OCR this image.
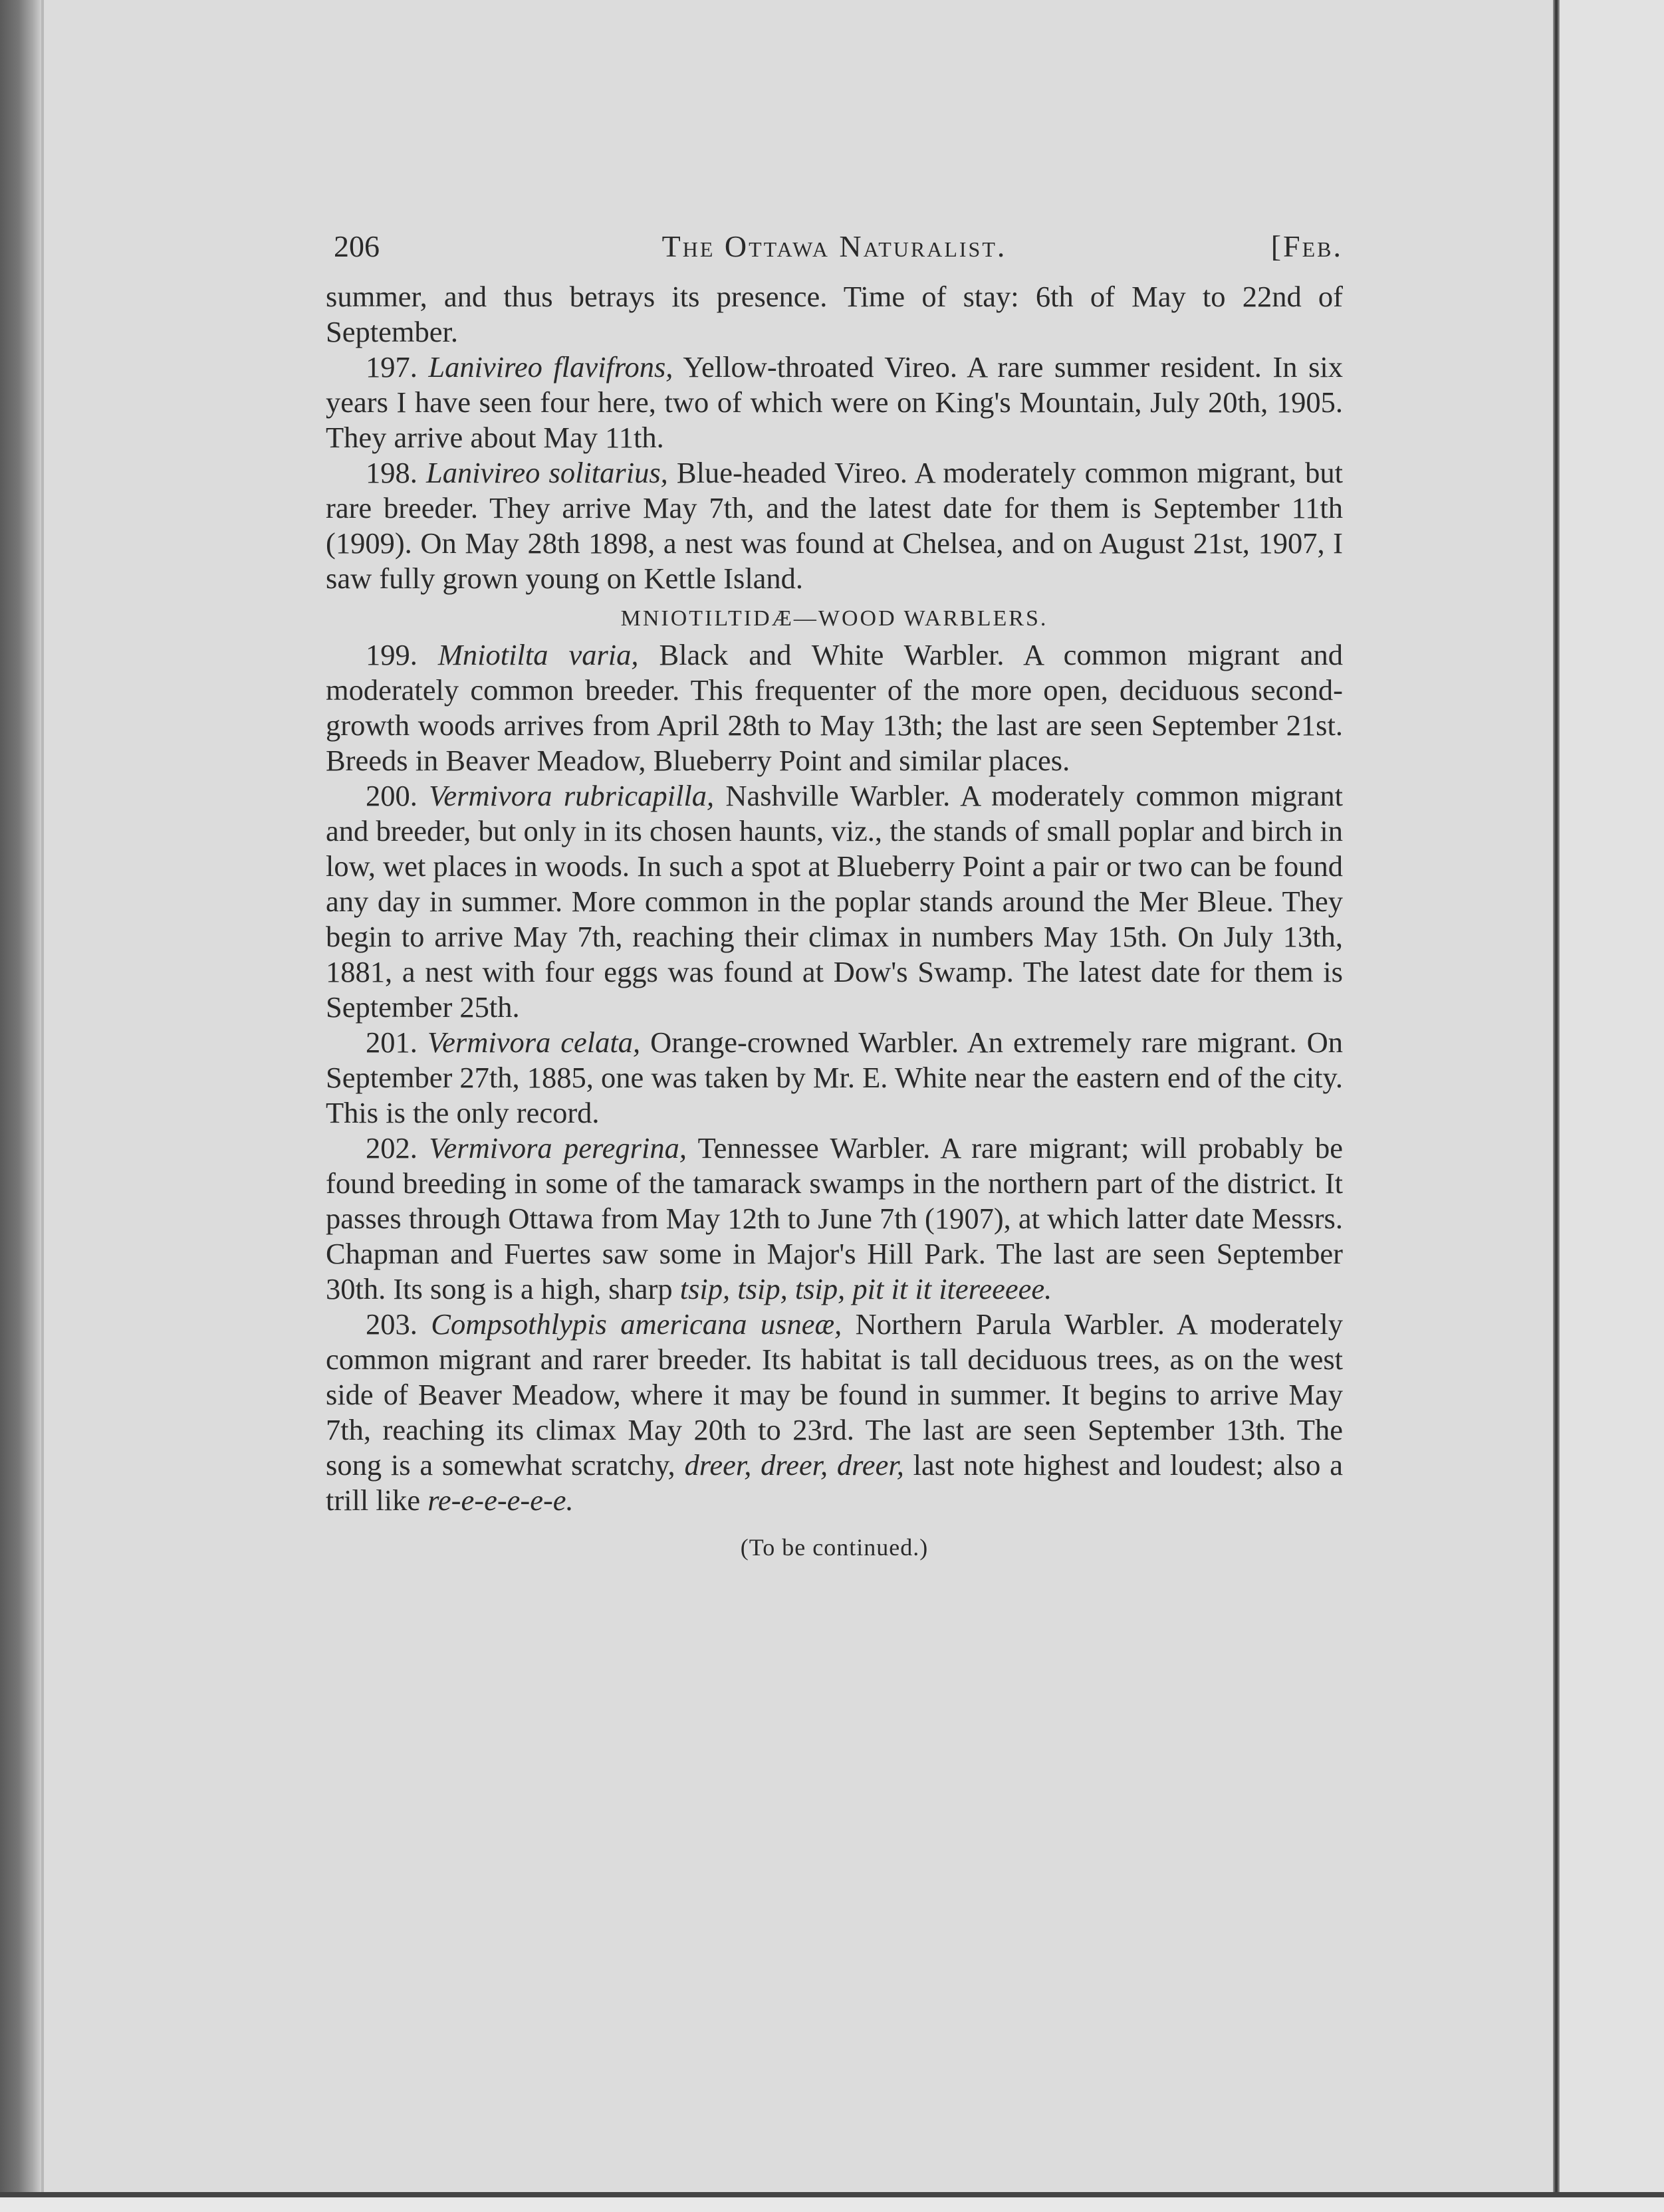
206	The Ottawa Naturalist.	[Feb.

summer, and thus betrays its presence. Time of stay: 6th of May to 22nd of September.

197. Lanivireo flavifrons, Yellow-throated Vireo. A rare summer resident. In six years I have seen four here, two of which were on King's Mountain, July 20th, 1905. They arrive about May 11th.

198. Lanivireo solitarius, Blue-headed Vireo. A moderately common migrant, but rare breeder. They arrive May 7th, and the latest date for them is September 11th (1909). On May 28th 1898, a nest was found at Chelsea, and on August 21st, 1907, I saw fully grown young on Kettle Island.

MNIOTILTIDÆ—WOOD WARBLERS.

199. Mniotilta varia, Black and White Warbler. A common migrant and moderately common breeder. This frequenter of the more open, deciduous second-growth woods arrives from April 28th to May 13th; the last are seen September 21st. Breeds in Beaver Meadow, Blueberry Point and similar places.

200. Vermivora rubricapilla, Nashville Warbler. A moderately common migrant and breeder, but only in its chosen haunts, viz., the stands of small poplar and birch in low, wet places in woods. In such a spot at Blueberry Point a pair or two can be found any day in summer. More common in the poplar stands around the Mer Bleue. They begin to arrive May 7th, reaching their climax in numbers May 15th. On July 13th, 1881, a nest with four eggs was found at Dow's Swamp. The latest date for them is September 25th.

201. Vermivora celata, Orange-crowned Warbler. An extremely rare migrant. On September 27th, 1885, one was taken by Mr. E. White near the eastern end of the city. This is the only record.

202. Vermivora peregrina, Tennessee Warbler. A rare migrant; will probably be found breeding in some of the tamarack swamps in the northern part of the district. It passes through Ottawa from May 12th to June 7th (1907), at which latter date Messrs. Chapman and Fuertes saw some in Major's Hill Park. The last are seen September 30th. Its song is a high, sharp tsip, tsip, tsip, pit it it itereeeee.

203. Compsothlypis americana usneæ, Northern Parula Warbler. A moderately common migrant and rarer breeder. Its habitat is tall deciduous trees, as on the west side of Beaver Meadow, where it may be found in summer. It begins to arrive May 7th, reaching its climax May 20th to 23rd. The last are seen September 13th. The song is a somewhat scratchy, dreer, dreer, dreer, last note highest and loudest; also a trill like re-e-e-e-e-e.

(To be continued.)
